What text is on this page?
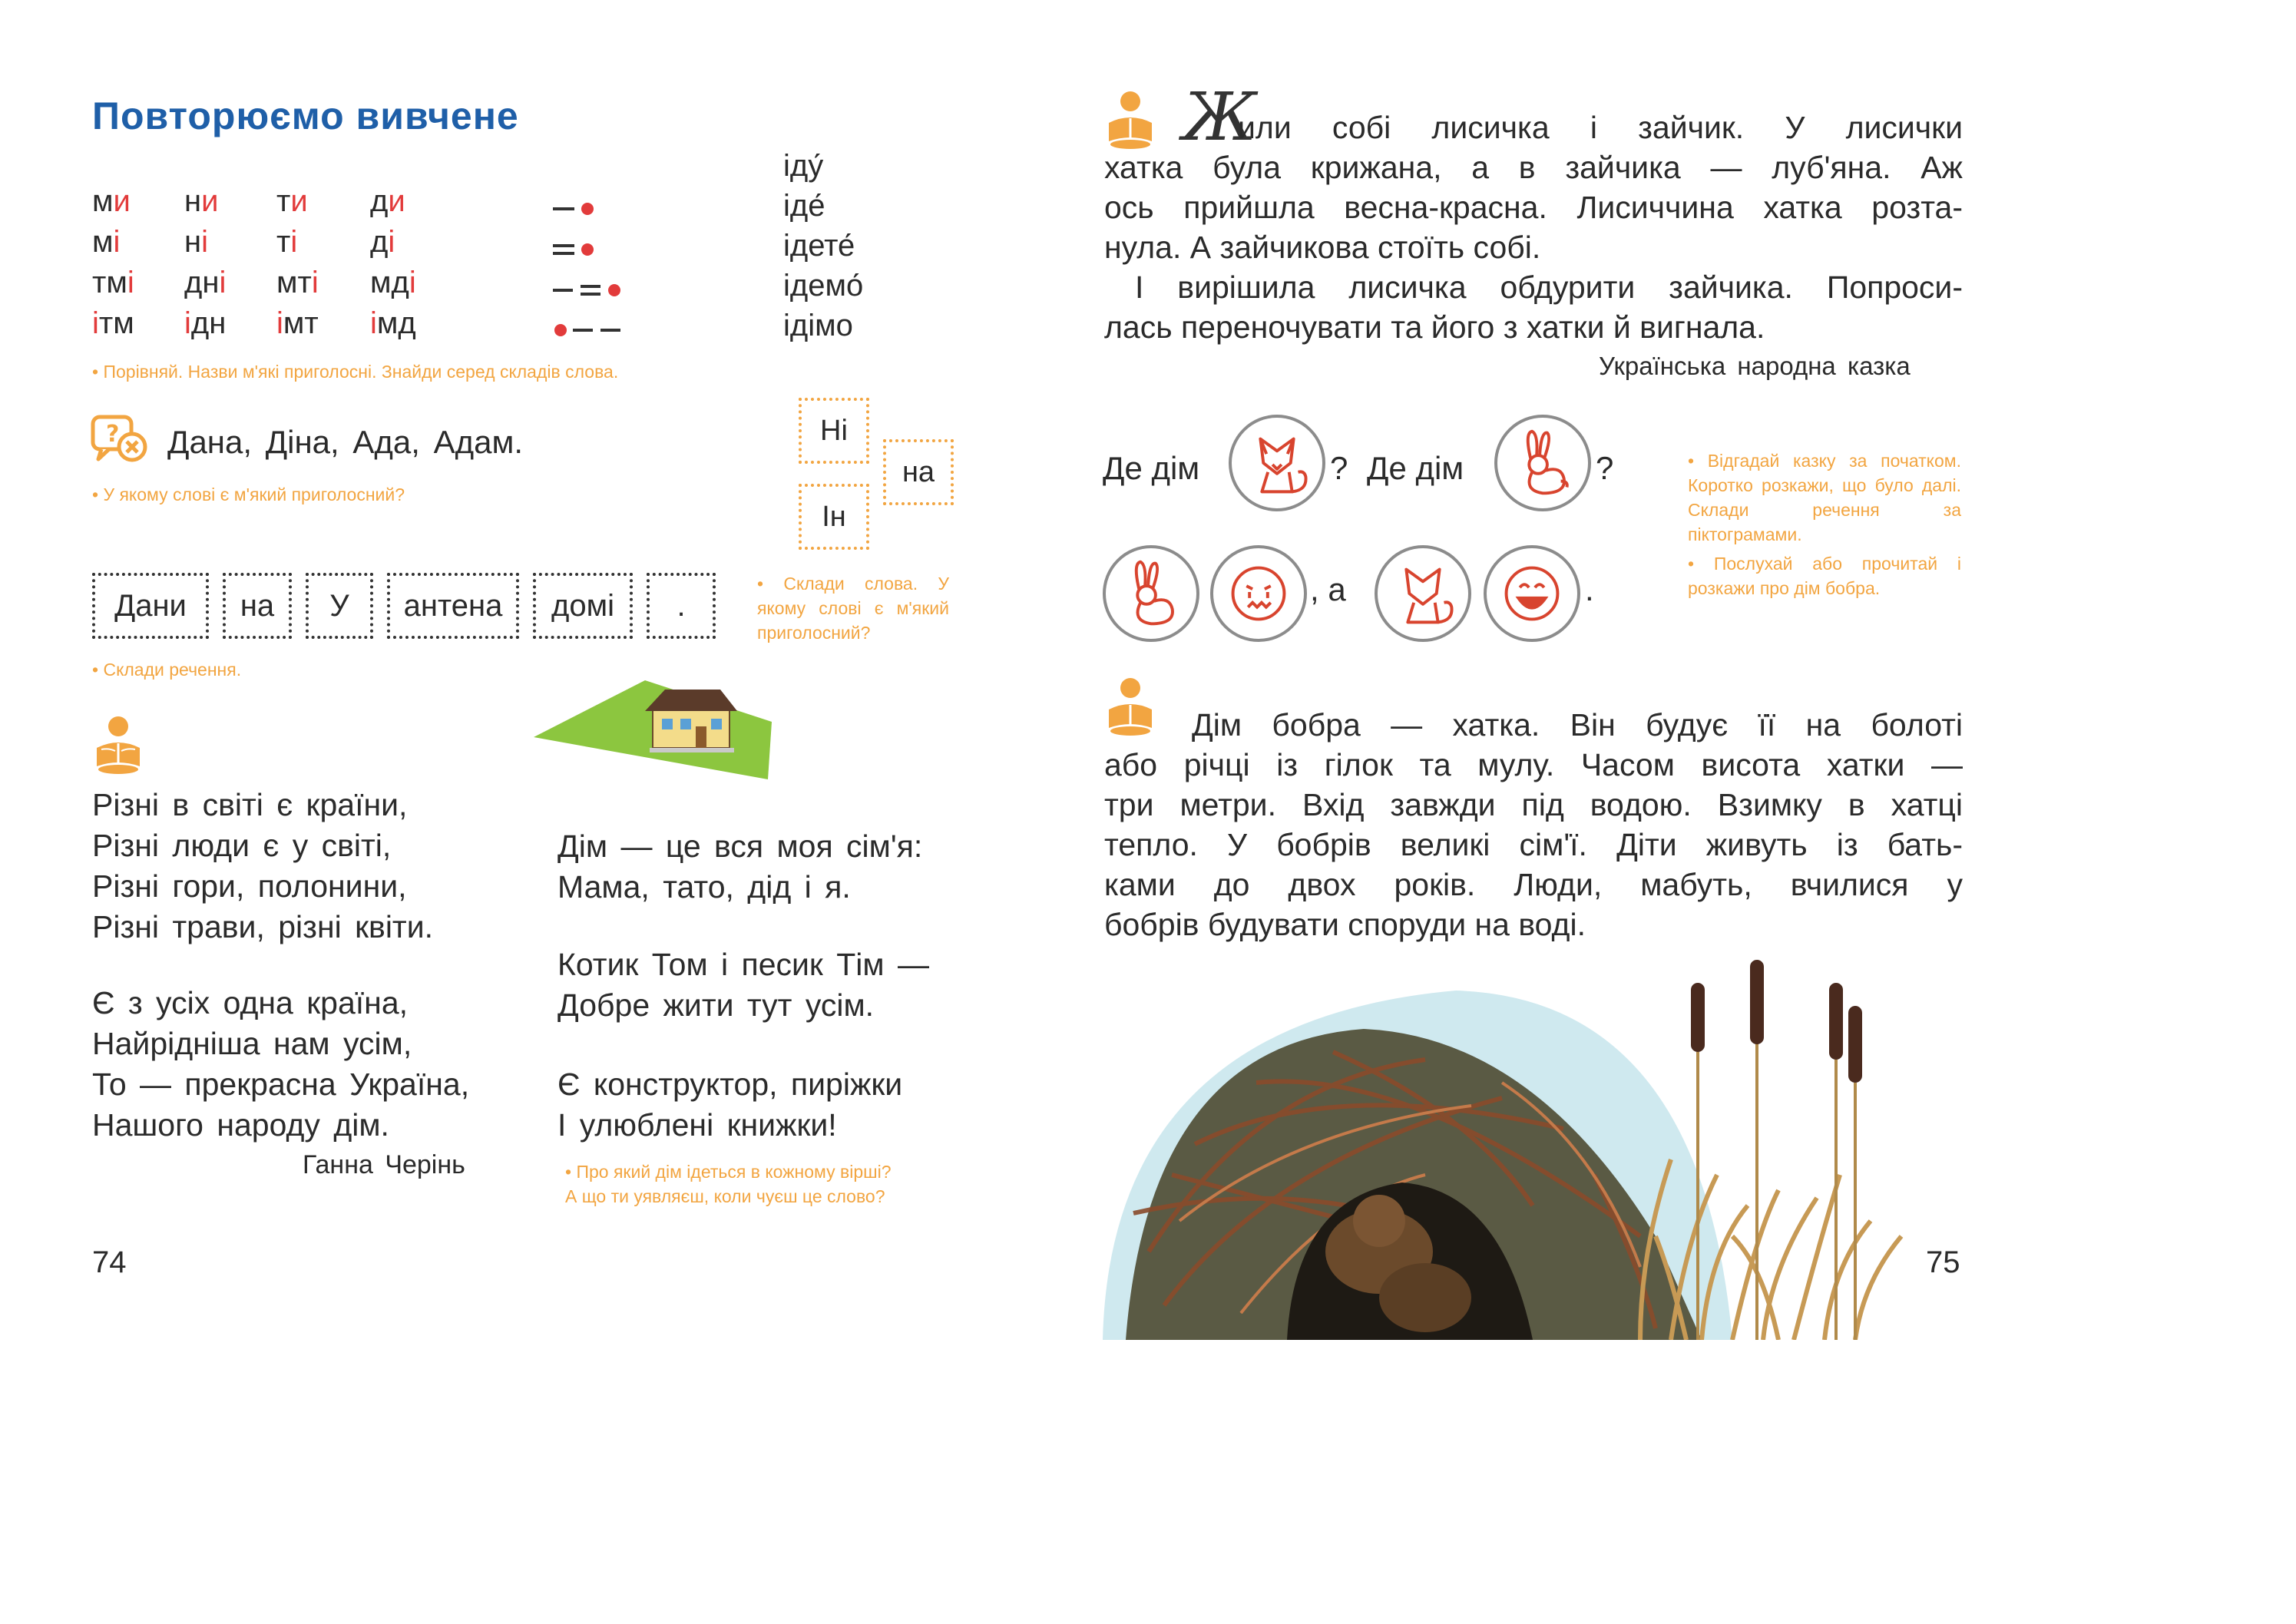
Повторюємо вивчене
ми ни ти ди
мі ні ті ді
тмі дні мті мді
ітм ідн імт імд
іду́
іде́
ідете́
ідемо́
ідімо
• Порівняй. Назви м'які приголосні. Знайди серед складів слова.
? Дана, Діна, Ада, Адам.
• У якому слові є м'який приголосний?
Ні
Ін
на
• Склади слова. У якому слові є м'який приголосний?
Дани	на	У	антена	домі	.
• Склади речення.
Різні в світі є країни,
Різні люди є у світі,
Різні гори, полонини,
Різні трави, різні квіти.
Є з усіх одна країна,
Найрідніша нам усім,
То — прекрасна Україна,
Нашого народу дім.
Ганна Черінь
Дім — це вся моя сім'я:
Мама, тато, дід і я.
Котик Том і песик Тім —
Добре жити тут усім.
Є конструктор, пиріжки
І улюблені книжки!
• Про який дім ідеться в кожному вірші?
А що ти уявляєш, коли чуєш це слово?
74
Ж
или собі лисичка і зайчик. У лисички
хатка була крижана, а в зайчика — луб'яна. Аж
ось прийшла весна-красна. Лисиччина хатка розта-
нула. А зайчикова стоїть собі.
І вирішила лисичка обдурити зайчика. Попроси-
лась переночувати та його з хатки й вигнала.
Українська народна казка
Де дім	? Де дім	?
, а	.
• Відгадай казку за початком. Коротко розкажи, що було далі. Склади речення за піктограмами.
• Послухай або прочитай і розкажи про дім бобра.
Дім бобра — хатка. Він будує її на болоті
або річці із гілок та мулу. Часом висота хатки —
три метри. Вхід завжди під водою. Взимку в хатці
тепло. У бобрів великі сім'ї. Діти живуть із бать-
ками до двох років. Люди, мабуть, вчилися у
бобрів будувати споруди на воді.
75
